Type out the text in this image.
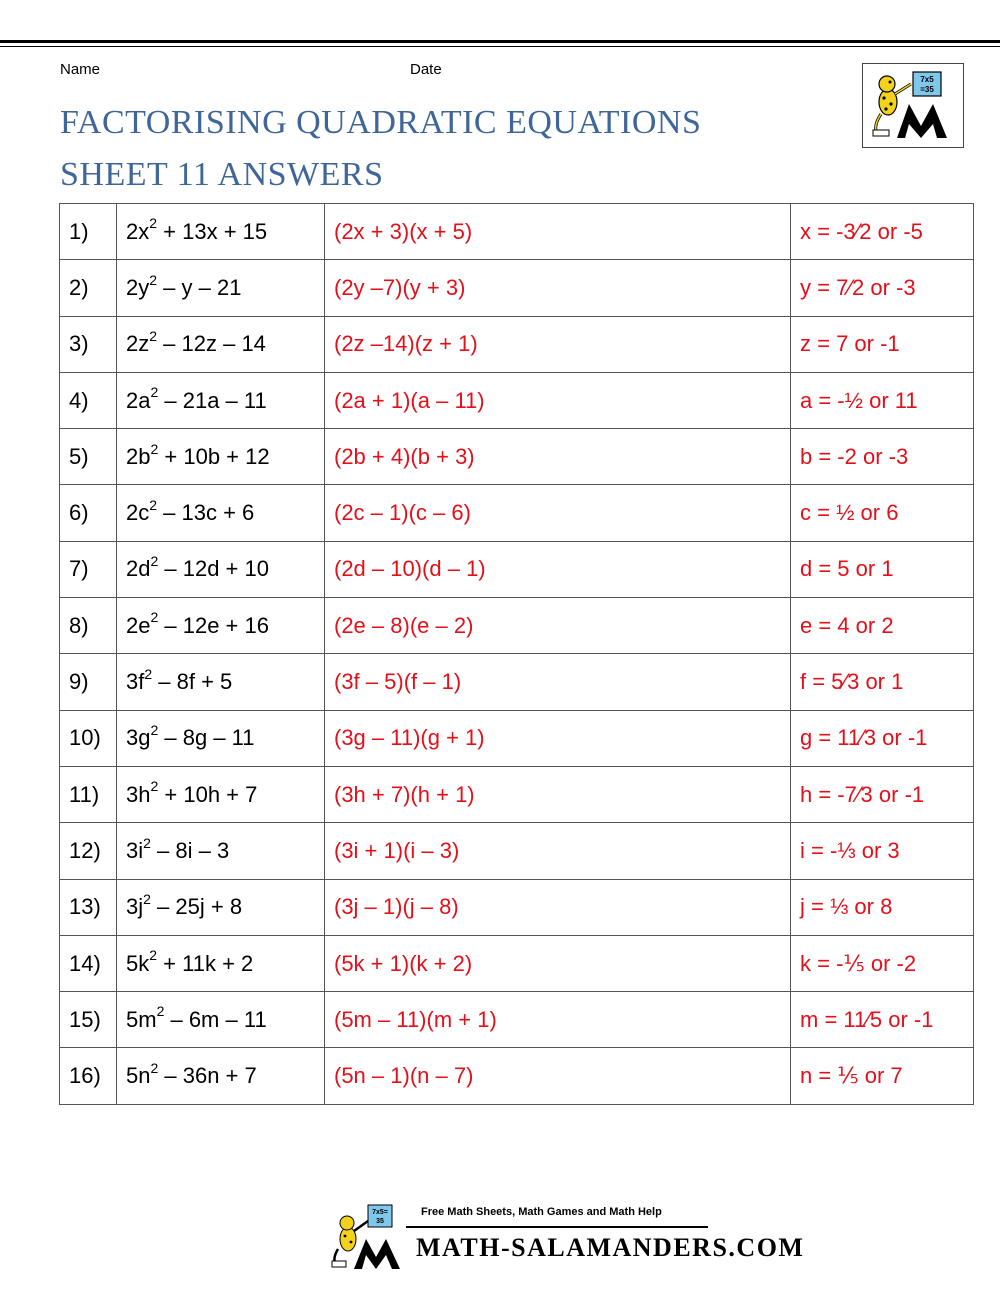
Name	Date
FACTORISING QUADRATIC EQUATIONS
SHEET 11 ANSWERS
7x5
=35
1)	$2x^2 + 13x + 15$	(2x + 3)(x + 5)	x = -3⁄2 or -5
2)	$2y^2$ – y – 21	(2y –7)(y + 3)	y = 7⁄2 or -3
3)	$2z^2 - 12z - 14$	(2z –14)(z + 1)	z = 7 or -1
4)	$2a^2 - 21a - 11$	(2a + 1)(a – 11)	a = -½ or 11
5)	$2b^2 + 10b + 12$	(2b + 4)(b + 3)	b = -2 or -3
6)	$2c^2 - 13c + 6$	(2c – 1)(c – 6)	c = ½ or 6
7)	$2d^2 - 12d + 10$	(2d – 10)(d – 1)	d = 5 or 1
8)	$2e^2 - 12e + 16$	(2e – 8)(e – 2)	e = 4 or 2
9)	$3f^2 - 8f + 5$	(3f – 5)(f – 1)	f = 5⁄3 or 1
10)	$3g^2 - 8g - 11$	(3g – 11)(g + 1)	g = 11⁄3 or -1
11)	$3h^2 + 10h + 7$	(3h + 7)(h + 1)	h = -7⁄3 or -1
12)	$3i^2 - 8i - 3$	(3i + 1)(i – 3)	i = -⅓ or 3
13)	$3j^2 - 25j + 8$	(3j – 1)(j – 8)	j = ⅓ or 8
14)	$5k^2 + 11k + 2$	(5k + 1)(k + 2)	k = -⅕ or -2
15)	$5m^2 - 6m - 11$	(5m – 11)(m + 1)	m = 11⁄5 or -1
16)	$5n^2 - 36n + 7$	(5n – 1)(n – 7)	n = ⅕ or 7
7x5=
35
Free Math Sheets, Math Games and Math Help
MATH-SALAMANDERS.COM
